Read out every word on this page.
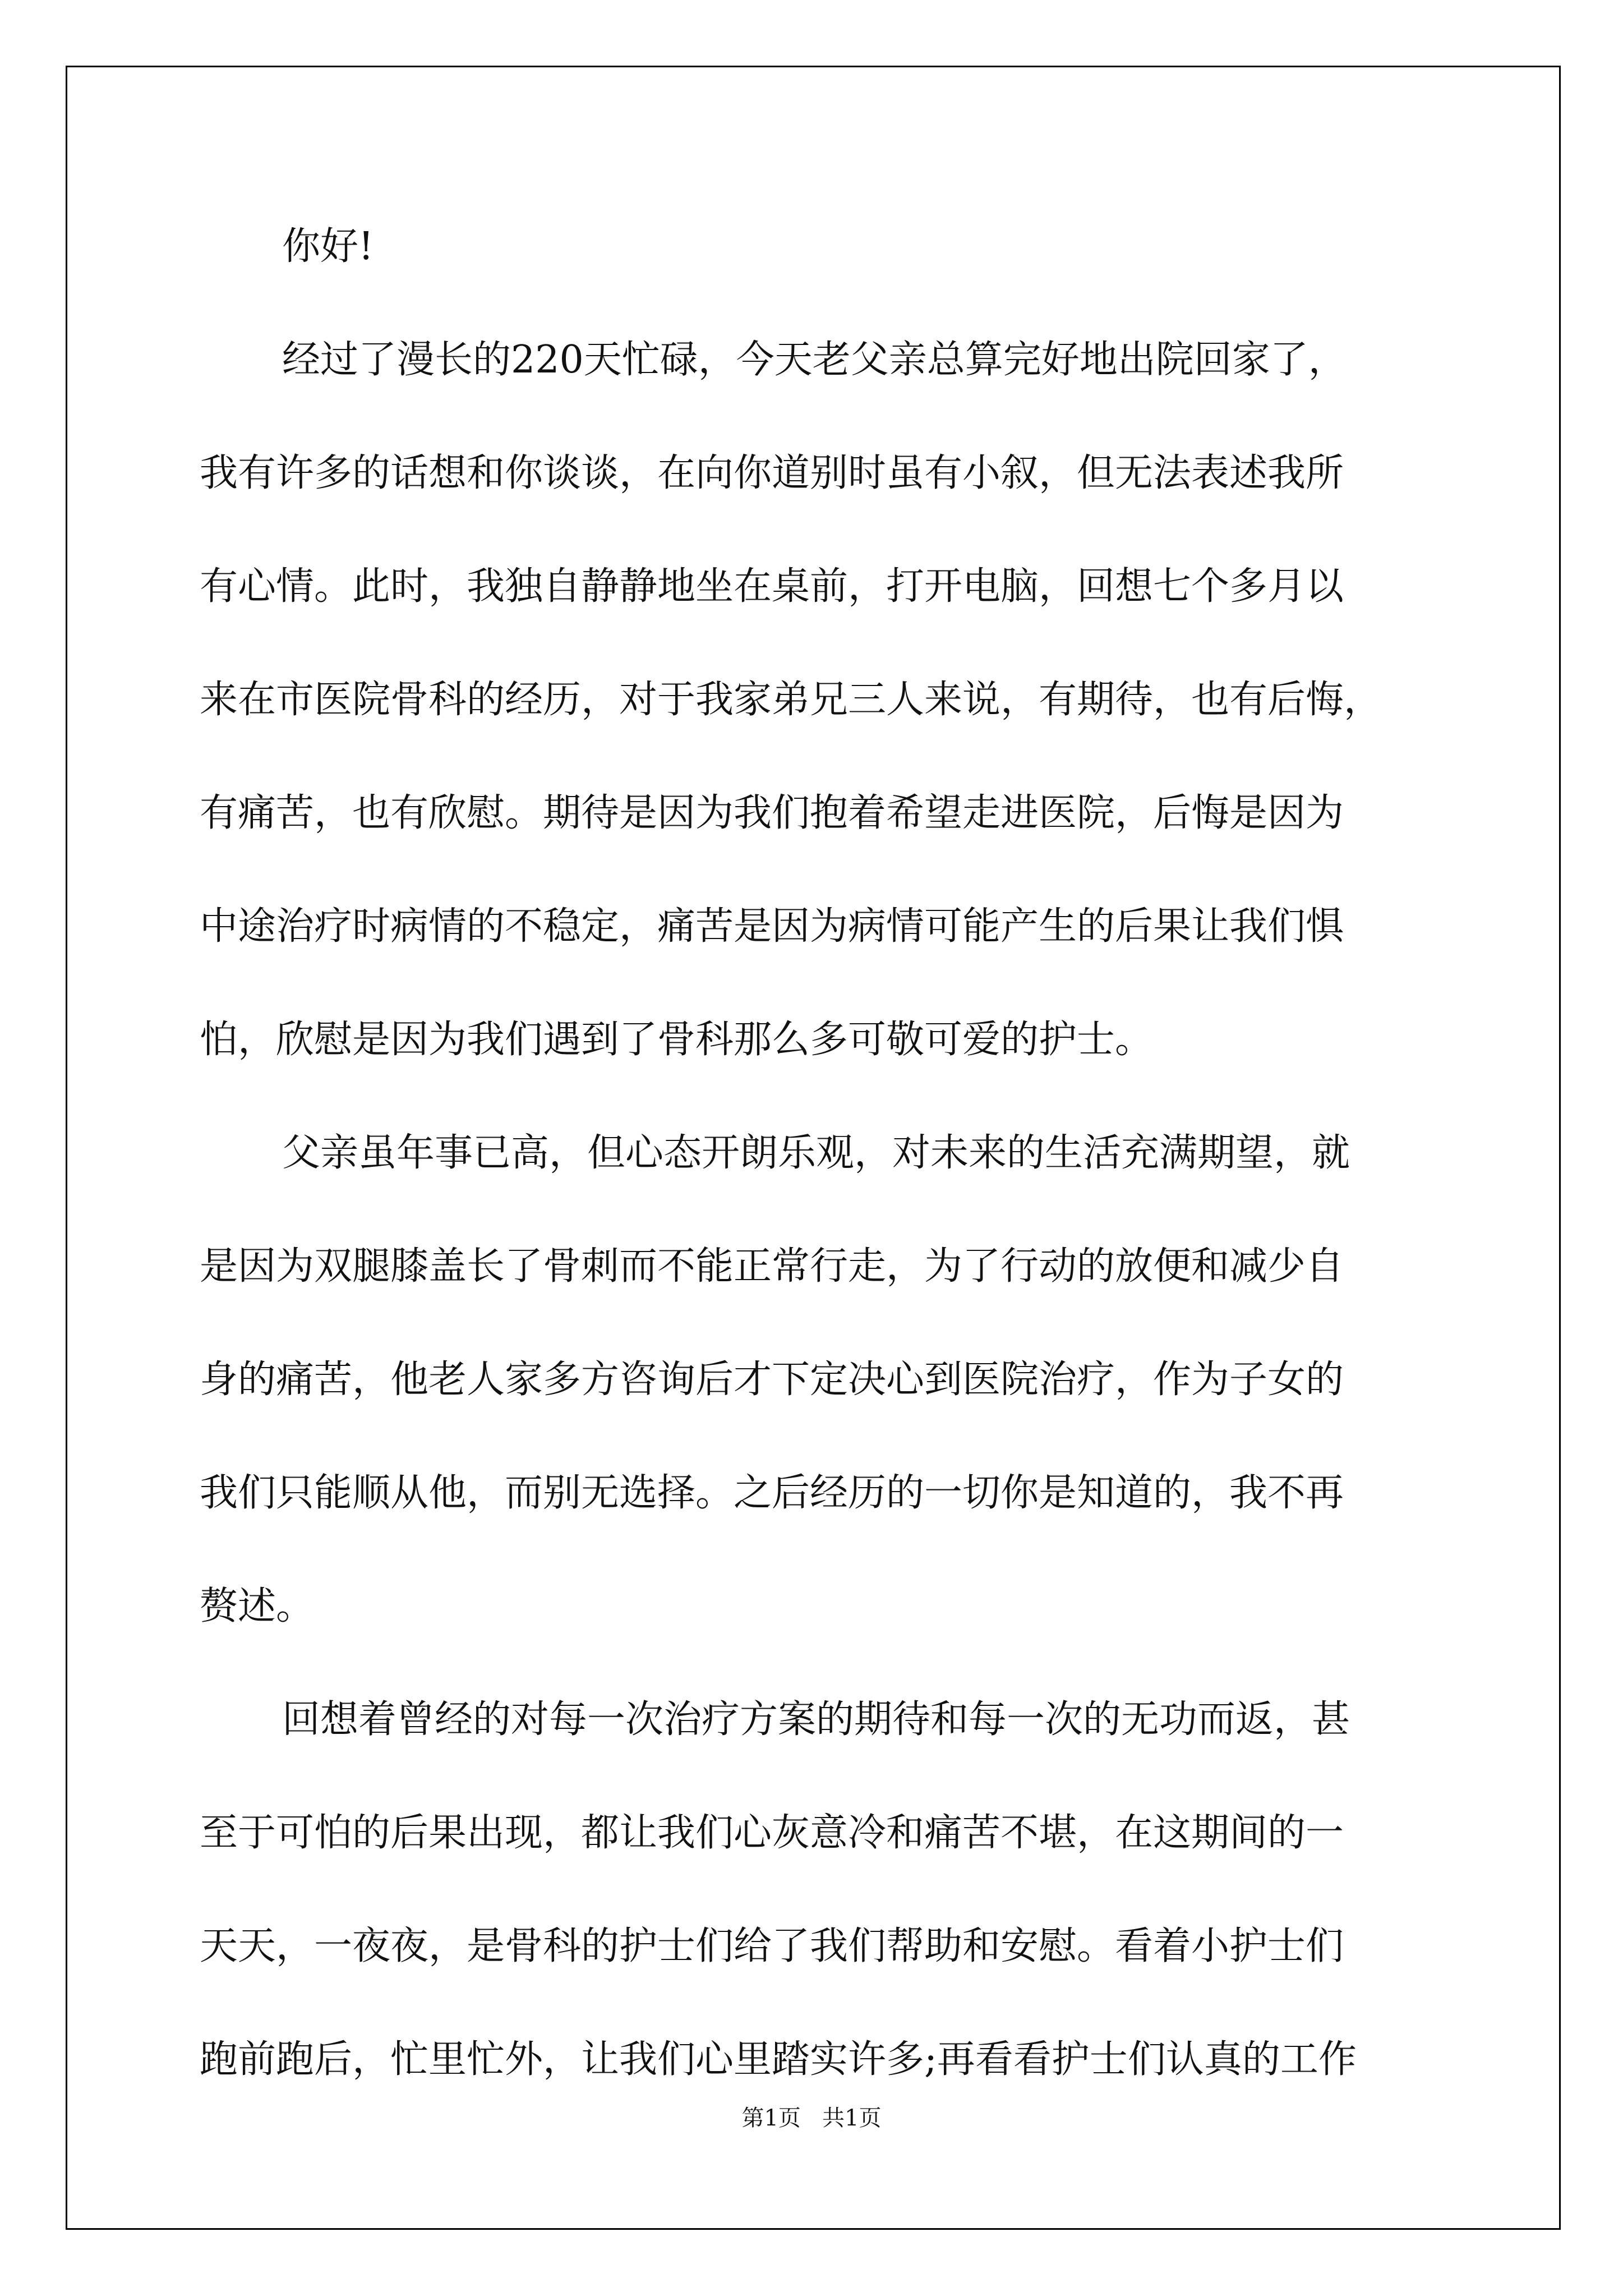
你好!

经过了漫长的220天忙碌，今天老父亲总算完好地出院回家了，

我有许多的话想和你谈谈，在向你道别时虽有小叙，但无法表述我所

有心情。此时，我独自静静地坐在桌前，打开电脑，回想七个多月以

来在市医院骨科的经历，对于我家弟兄三人来说，有期待，也有后悔，

有痛苦，也有欣慰。期待是因为我们抱着希望走进医院，后悔是因为

中途治疗时病情的不稳定，痛苦是因为病情可能产生的后果让我们惧

怕，欣慰是因为我们遇到了骨科那么多可敬可爱的护士。

父亲虽年事已高，但心态开朗乐观，对未来的生活充满期望，就

是因为双腿膝盖长了骨刺而不能正常行走，为了行动的放便和减少自

身的痛苦，他老人家多方咨询后才下定决心到医院治疗，作为子女的

我们只能顺从他，而别无选择。之后经历的一切你是知道的，我不再

赘述。

回想着曾经的对每一次治疗方案的期待和每一次的无功而返，甚

至于可怕的后果出现，都让我们心灰意冷和痛苦不堪，在这期间的一

天天，一夜夜，是骨科的护士们给了我们帮助和安慰。看着小护士们

跑前跑后，忙里忙外，让我们心里踏实许多;再看看护士们认真的工作

第1页   共1页
